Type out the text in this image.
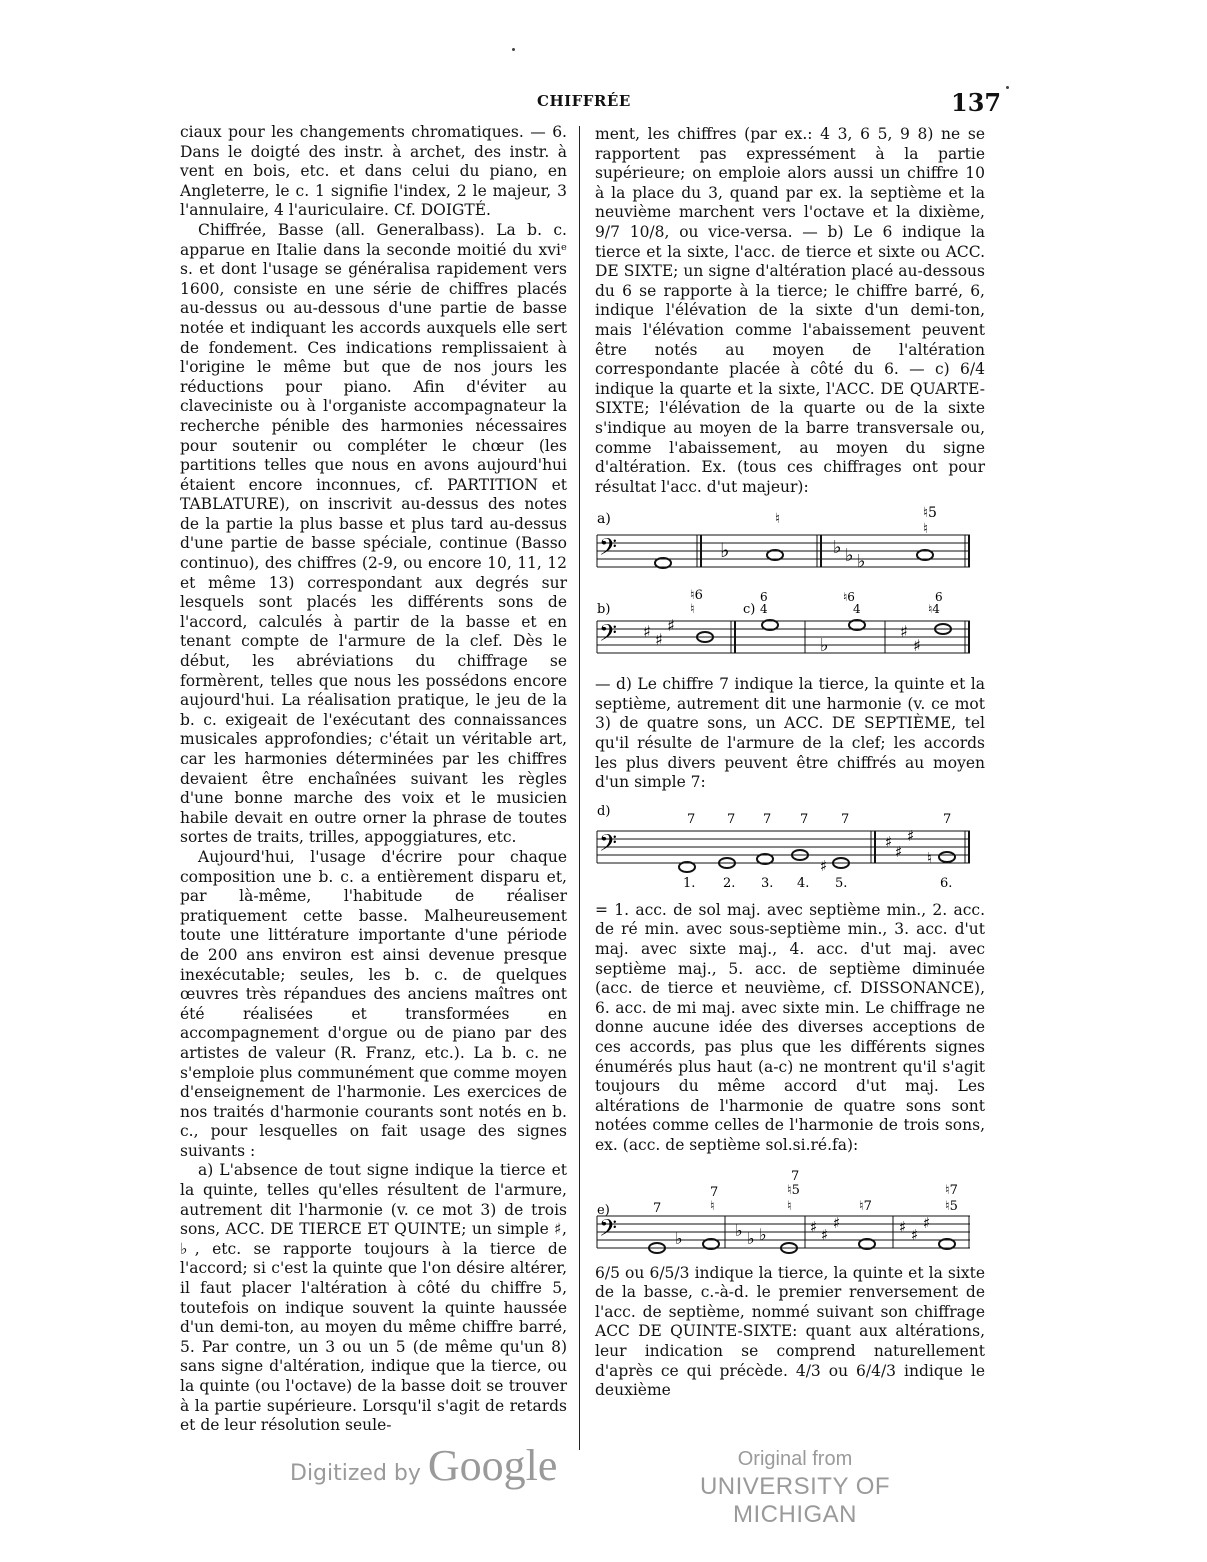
CHIFFRÉE	137

ciaux pour les changements chromatiques. — 6. Dans le doigté des instr. à archet, des instr. à vent en bois, etc. et dans celui du piano, en Angleterre, le c. 1 signifie l'index, 2 le majeur, 3 l'annulaire, 4 l'auriculaire. Cf. DOIGTÉ.

Chiffrée, Basse (all. Generalbass). La b. c. apparue en Italie dans la seconde moitié du xviᵉ s. et dont l'usage se généralisa rapidement vers 1600, consiste en une série de chiffres placés au-dessus ou au-dessous d'une partie de basse notée et indiquant les accords auxquels elle sert de fondement. Ces indications remplissaient à l'origine le même but que de nos jours les réductions pour piano. Afin d'éviter au claveciniste ou à l'organiste accompagnateur la recherche pénible des harmonies nécessaires pour soutenir ou compléter le chœur (les partitions telles que nous en avons aujourd'hui étaient encore inconnues, cf. PARTITION et TABLATURE), on inscrivit au-dessus des notes de la partie la plus basse et plus tard au-dessus d'une partie de basse spéciale, continue (Basso continuo), des chiffres (2-9, ou encore 10, 11, 12 et même 13) correspondant aux degrés sur lesquels sont placés les différents sons de l'accord, calculés à partir de la basse et en tenant compte de l'armure de la clef. Dès le début, les abréviations du chiffrage se formèrent, telles que nous les possédons encore aujourd'hui. La réalisation pratique, le jeu de la b. c. exigeait de l'exécutant des connaissances musicales approfondies; c'était un véritable art, car les harmonies déterminées par les chiffres devaient être enchaînées suivant les règles d'une bonne marche des voix et le musicien habile devait en outre orner la phrase de toutes sortes de traits, trilles, appoggiatures, etc.

Aujourd'hui, l'usage d'écrire pour chaque composition une b. c. a entièrement disparu et, par là-même, l'habitude de réaliser pratiquement cette basse. Malheureusement toute une littérature importante d'une période de 200 ans environ est ainsi devenue presque inexécutable; seules, les b. c. de quelques œuvres très répandues des anciens maîtres ont été réalisées et transformées en accompagnement d'orgue ou de piano par des artistes de valeur (R. Franz, etc.). La b. c. ne s'emploie plus communément que comme moyen d'enseignement de l'harmonie. Les exercices de nos traités d'harmonie courants sont notés en b. c., pour lesquelles on fait usage des signes suivants :

a) L'absence de tout signe indique la tierce et la quinte, telles qu'elles résultent de l'armure, autrement dit l'harmonie (v. ce mot 3) de trois sons, ACC. DE TIERCE ET QUINTE; un simple ♯, ♭, etc. se rapporte toujours à la tierce de l'accord; si c'est la quinte que l'on désire altérer, il faut placer l'altération à côté du chiffre 5, toutefois on indique souvent la quinte haussée d'un demi-ton, au moyen du même chiffre barré, 5. Par contre, un 3 ou un 5 (de même qu'un 8) sans signe d'altération, indique que la tierce, ou la quinte (ou l'octave) de la basse doit se trouver à la partie supérieure. Lorsqu'il s'agit de retards et de leur résolution seule-

ment, les chiffres (par ex.: 4 3, 6 5, 9 8) ne se rapportent pas expressément à la partie supérieure; on emploie alors aussi un chiffre 10 à la place du 3, quand par ex. la septième et la neuvième marchent vers l'octave et la dixième, 9/7 10/8, ou vice-versa. — b) Le 6 indique la tierce et la sixte, l'acc. de tierce et sixte ou ACC. DE SIXTE; un signe d'altération placé au-dessous du 6 se rapporte à la tierce; le chiffre barré, 6, indique l'élévation de la sixte d'un demi-ton, mais l'élévation comme l'abaissement peuvent être notés au moyen de l'altération correspondante placée à côté du 6. — c) 6/4 indique la quarte et la sixte, l'ACC. DE QUARTE-SIXTE; l'élévation de la quarte ou de la sixte s'indique au moyen de la barre transversale ou, comme l'abaissement, au moyen du signe d'altération. Ex. (tous ces chiffrages ont pour résultat l'acc. d'ut majeur):

a)	♮	♮5
♮
𝄢	♭	♭ ♭ ♭
b)
♮6
♮	c)
6
4
♮6
4
6
♮4
𝄢 ♯ ♯
♯
♭
♯
♯

— d) Le chiffre 7 indique la tierce, la quinte et la septième, autrement dit une harmonie (v. ce mot 3) de quatre sons, un ACC. DE SEPTIÈME, tel qu'il résulte de l'armure de la clef; les accords les plus divers peuvent être chiffrés au moyen d'un simple 7:

d)
7 7 7 7	7	7
𝄢
♯
♯
♯
♯
♮
1. 2. 3. 4. 5.	6.

= 1. acc. de sol maj. avec septième min., 2. acc. de ré min. avec sous-septième min., 3. acc. d'ut maj. avec sixte maj., 4. acc. d'ut maj. avec septième maj., 5. acc. de septième diminuée (acc. de tierce et neuvième, cf. DISSONANCE), 6. acc. de mi maj. avec sixte min. Le chiffrage ne donne aucune idée des diverses acceptions de ces accords, pas plus que les différents signes énumérés plus haut (a-c) ne montrent qu'il s'agit toujours du même accord d'ut maj. Les altérations de l'harmonie de quatre sons sont notées comme celles de l'harmonie de trois sons, ex. (acc. de septième sol.si.ré.fa):

e)	7
7
♮
7
♮5
♮	♮7
♮7
♮5
𝄢	♭	♭ ♭ ♭	♯ ♯
♯	♯ ♯
♯

6/5 ou 6/5/3 indique la tierce, la quinte et la sixte de la basse, c.-à-d. le premier renversement de l'acc. de septième, nommé suivant son chiffrage ACC DE QUINTE-SIXTE: quant aux altérations, leur indication se comprend naturellement d'après ce qui précède. 4/3 ou 6/4/3 indique le deuxième

Digitized by Google	Original from
UNIVERSITY OF MICHIGAN
